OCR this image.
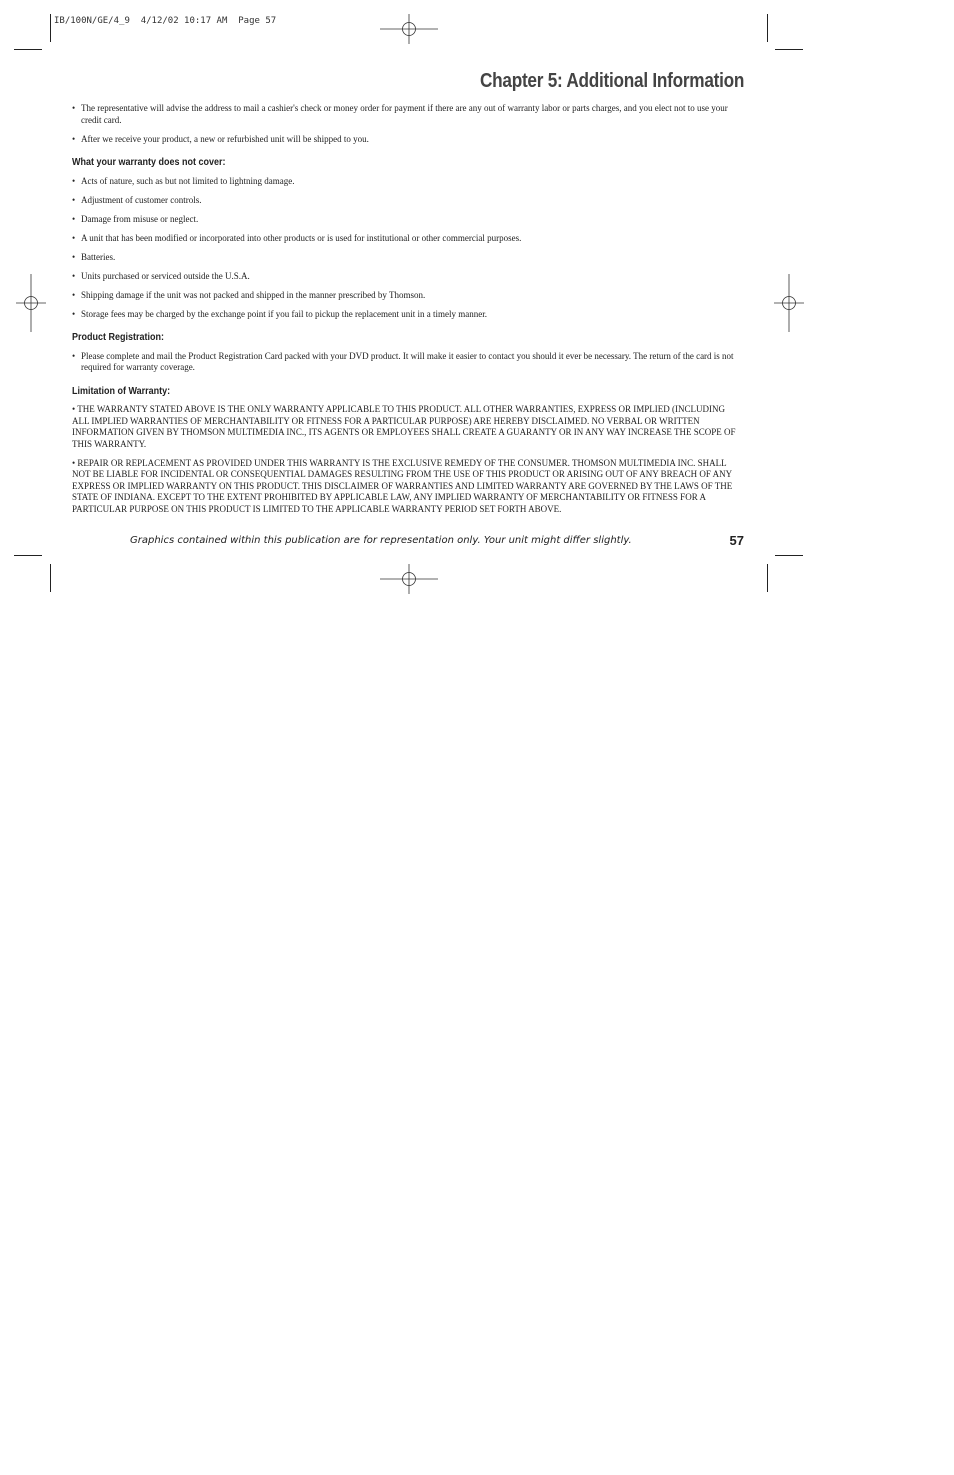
IB/100N/GE/4_9  4/12/02 10:17 AM  Page 57
Chapter 5: Additional Information
• The representative will advise the address to mail a cashier's check or money order for payment if there are any out of warranty labor or parts charges, and you elect not to use your credit card.
• After we receive your product, a new or refurbished unit will be shipped to you.
What your warranty does not cover:
• Acts of nature, such as but not limited to lightning damage.
• Adjustment of customer controls.
• Damage from misuse or neglect.
• A unit that has been modified or incorporated into other products or is used for institutional or other commercial purposes.
• Batteries.
• Units purchased or serviced outside the U.S.A.
• Shipping damage if the unit was not packed and shipped in the manner prescribed by Thomson.
• Storage fees may be charged by the exchange point if you fail to pickup the replacement unit in a timely manner.
Product Registration:
• Please complete and mail the Product Registration Card packed with your DVD product. It will make it easier to contact you should it ever be necessary. The return of the card is not required for warranty coverage.
Limitation of Warranty:
• THE WARRANTY STATED ABOVE IS THE ONLY WARRANTY APPLICABLE TO THIS PRODUCT. ALL OTHER WARRANTIES, EXPRESS OR IMPLIED (INCLUDING ALL IMPLIED WARRANTIES OF MERCHANTABILITY OR FITNESS FOR A PARTICULAR PURPOSE) ARE HEREBY DISCLAIMED. NO VERBAL OR WRITTEN INFORMATION GIVEN BY THOMSON MULTIMEDIA INC., ITS AGENTS OR EMPLOYEES SHALL CREATE A GUARANTY OR IN ANY WAY INCREASE THE SCOPE OF THIS WARRANTY.
• REPAIR OR REPLACEMENT AS PROVIDED UNDER THIS WARRANTY IS THE EXCLUSIVE REMEDY OF THE CONSUMER. THOMSON MULTIMEDIA INC. SHALL NOT BE LIABLE FOR INCIDENTAL OR CONSEQUENTIAL DAMAGES RESULTING FROM THE USE OF THIS PRODUCT OR ARISING OUT OF ANY BREACH OF ANY EXPRESS OR IMPLIED WARRANTY ON THIS PRODUCT. THIS DISCLAIMER OF WARRANTIES AND LIMITED WARRANTY ARE GOVERNED BY THE LAWS OF THE STATE OF INDIANA. EXCEPT TO THE EXTENT PROHIBITED BY APPLICABLE LAW, ANY IMPLIED WARRANTY OF MERCHANTABILITY OR FITNESS FOR A PARTICULAR PURPOSE ON THIS PRODUCT IS LIMITED TO THE APPLICABLE WARRANTY PERIOD SET FORTH ABOVE.
Graphics contained within this publication are for representation only. Your unit might differ slightly.	57
